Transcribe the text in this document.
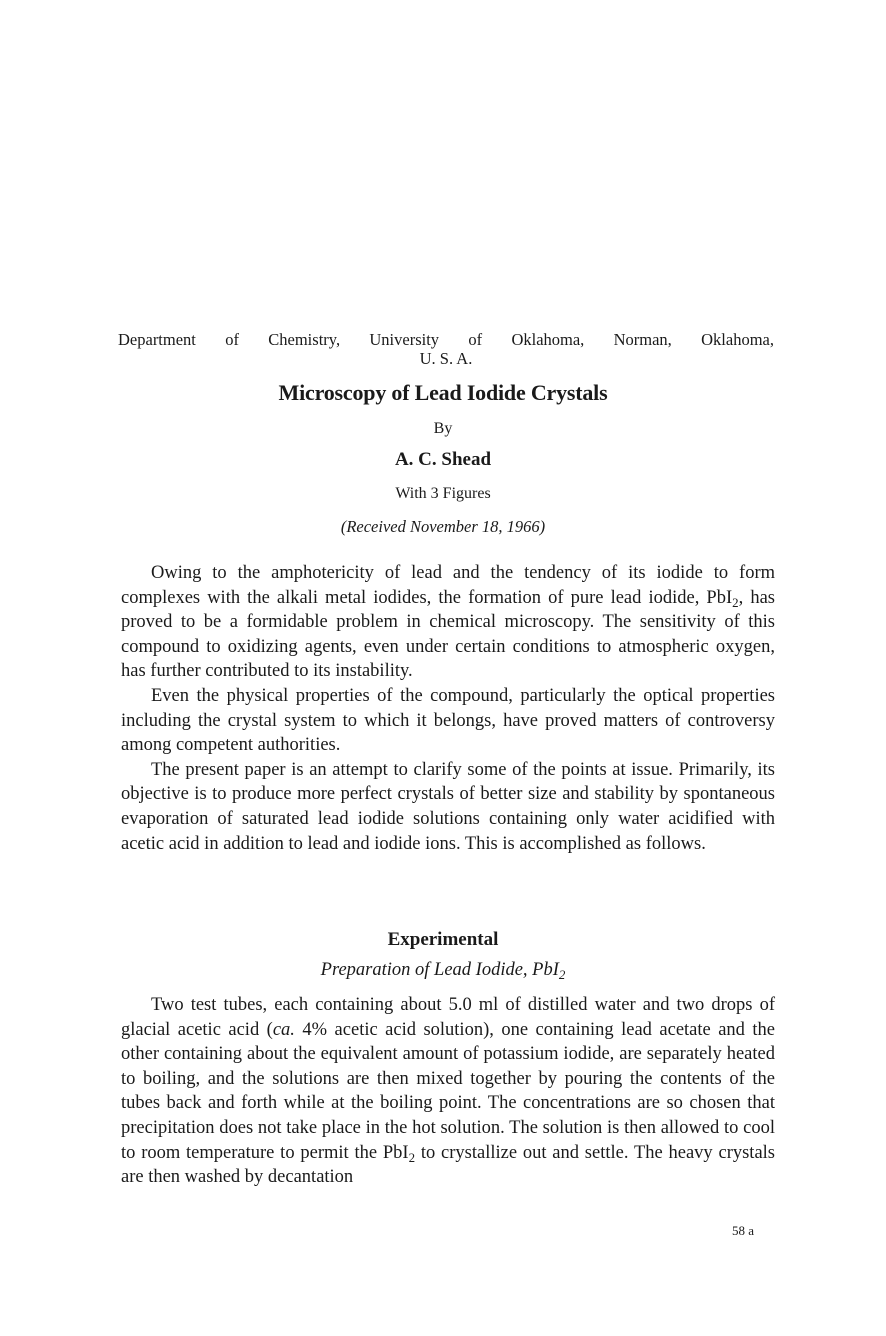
Department of Chemistry, University of Oklahoma, Norman, Oklahoma,
U. S. A.
Microscopy of Lead Iodide Crystals
By
A. C. Shead
With 3 Figures
(Received November 18, 1966)

Owing to the amphotericity of lead and the tendency of its iodide to form complexes with the alkali metal iodides, the formation of pure lead iodide, PbI$_2$, has proved to be a formidable problem in chemical microscopy. The sensitivity of this compound to oxidizing agents, even under certain conditions to atmospheric oxygen, has further contributed to its instability.

Even the physical properties of the compound, particularly the optical properties including the crystal system to which it belongs, have proved matters of controversy among competent authorities.

The present paper is an attempt to clarify some of the points at issue. Primarily, its objective is to produce more perfect crystals of better size and stability by spontaneous evaporation of saturated lead iodide solutions containing only water acidified with acetic acid in addition to lead and iodide ions. This is accomplished as follows.

Experimental
Preparation of Lead Iodide, PbI$_2$

Two test tubes, each containing about 5.0 ml of distilled water and two drops of glacial acetic acid (ca. 4% acetic acid solution), one containing lead acetate and the other containing about the equivalent amount of potassium iodide, are separately heated to boiling, and the solutions are then mixed together by pouring the contents of the tubes back and forth while at the boiling point. The concentrations are so chosen that precipitation does not take place in the hot solution. The solution is then allowed to cool to room temperature to permit the PbI$_2$ to crystallize out and settle. The heavy crystals are then washed by decantation

58 a
